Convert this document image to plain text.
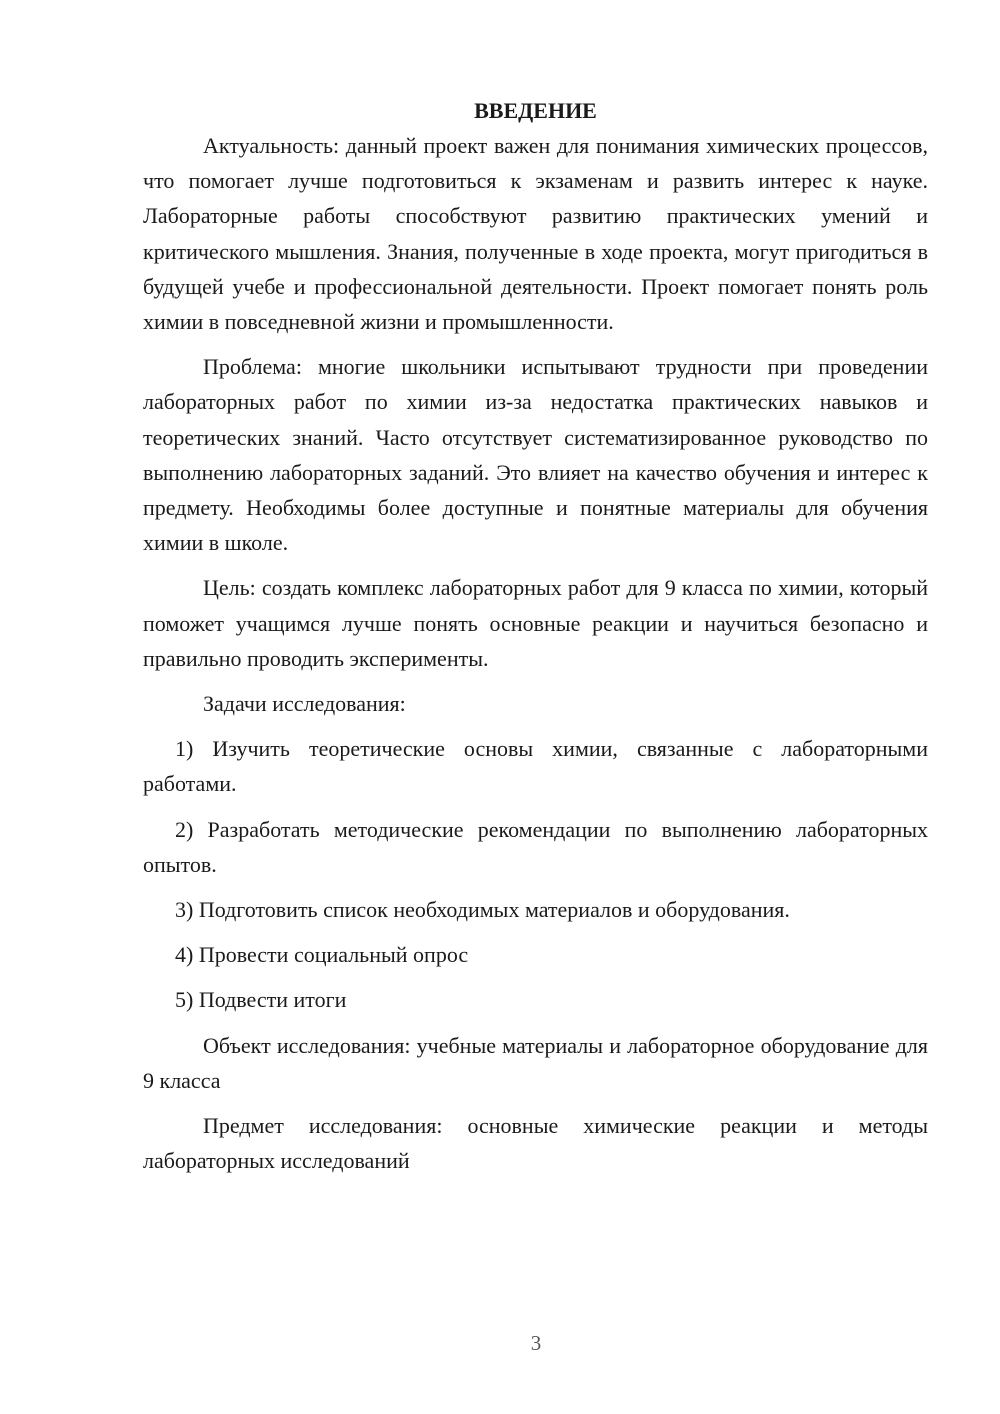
ВВЕДЕНИЕ

Актуальность: данный проект важен для понимания химических процессов, что помогает лучше подготовиться к экзаменам и развить интерес к науке. Лабораторные работы способствуют развитию практических умений и критического мышления. Знания, полученные в ходе проекта, могут пригодиться в будущей учебе и профессиональной деятельности. Проект помогает понять роль химии в повседневной жизни и промышленности.

Проблема: многие школьники испытывают трудности при проведении лабораторных работ по химии из-за недостатка практических навыков и теоретических знаний. Часто отсутствует систематизированное руководство по выполнению лабораторных заданий. Это влияет на качество обучения и интерес к предмету. Необходимы более доступные и понятные материалы для обучения химии в школе.

Цель: создать комплекс лабораторных работ для 9 класса по химии, который поможет учащимся лучше понять основные реакции и научиться безопасно и правильно проводить эксперименты.

Задачи исследования:

1) Изучить теоретические основы химии, связанные с лабораторными работами.

2) Разработать методические рекомендации по выполнению лабораторных опытов.

3) Подготовить список необходимых материалов и оборудования.

4) Провести социальный опрос

5) Подвести итоги

Объект исследования: учебные материалы и лабораторное оборудование для 9 класса

Предмет исследования: основные химические реакции и методы лабораторных исследований

3
